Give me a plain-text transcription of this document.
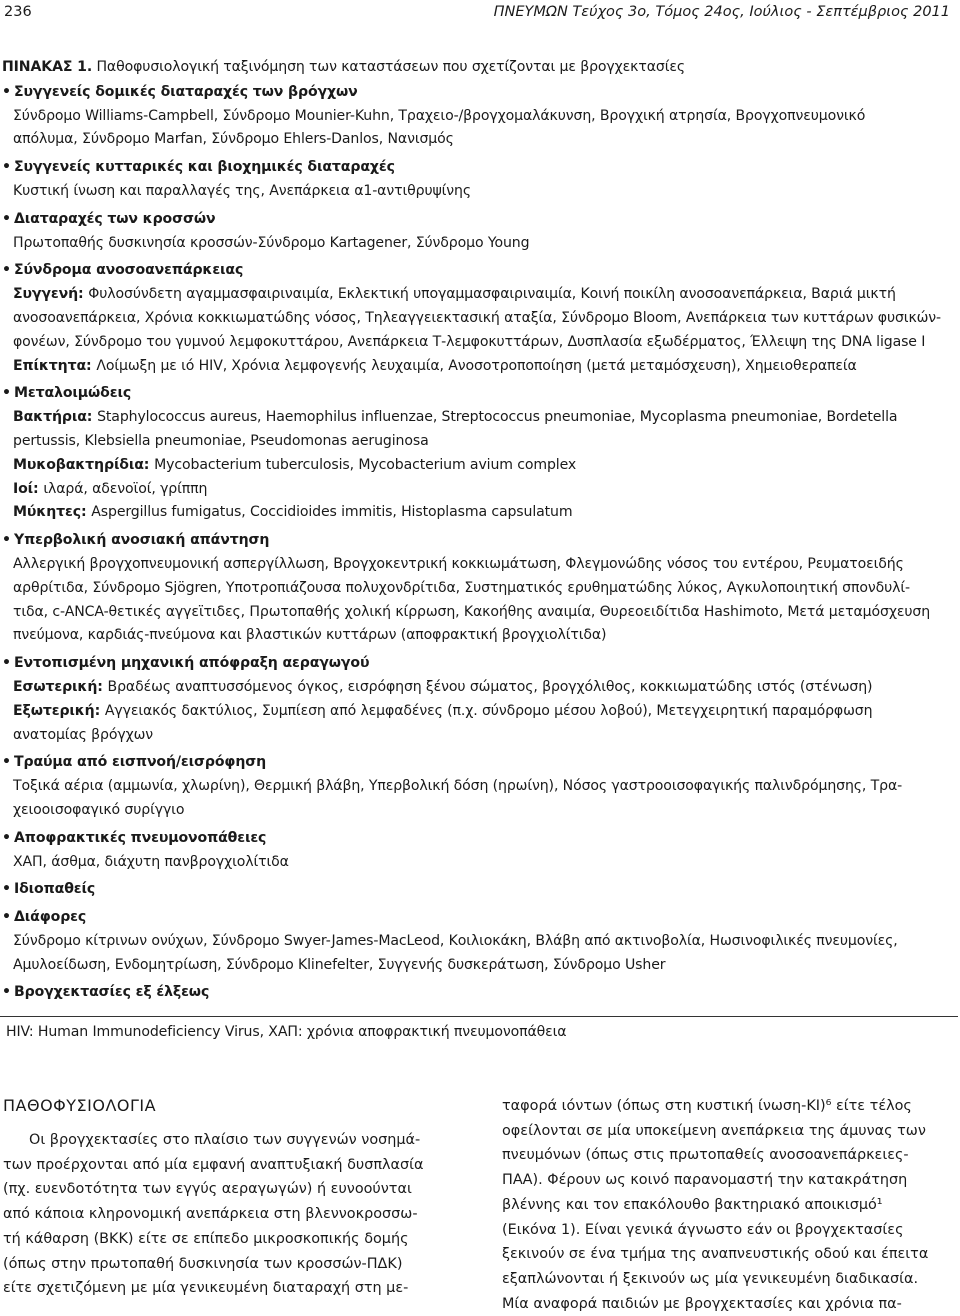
236	ΠΝΕΥΜΩΝ Τεύχος 3ο, Τόμος 24ος, Ιούλιος - Σεπτέμβριος 2011
ΠΙΝΑΚΑΣ 1. Παθοφυσιολογική ταξινόμηση των καταστάσεων που σχετίζονται με βρογχεκτασίες
• Συγγενείς δομικές διαταραχές των βρόγχων
Σύνδρομο Williams-Campbell, Σύνδρομο Mounier-Kuhn, Τραχειο-/βρογχομαλάκυνση, Βρογχική ατρησία, Βρογχοπνευμονικό
απόλυμα, Σύνδρομο Marfan, Σύνδρομο Ehlers-Danlos, Νανισμός
• Συγγενείς κυτταρικές και βιοχημικές διαταραχές
Κυστική ίνωση και παραλλαγές της, Ανεπάρκεια α1-αντιθρυψίνης
• Διαταραχές των κροσσών
Πρωτοπαθής δυσκινησία κροσσών-Σύνδρομο Kartagener, Σύνδρομο Young
• Σύνδρομα ανοσοανεπάρκειας
Συγγενή: Φυλοσύνδετη αγαμμασφαιριναιμία, Εκλεκτική υπογαμμασφαιριναιμία, Κοινή ποικίλη ανοσοανεπάρκεια, Βαριά μικτή
ανοσοανεπάρκεια, Χρόνια κοκκιωματώδης νόσος, Τηλεαγγειεκτασική αταξία, Σύνδρομο Bloom, Ανεπάρκεια των κυττάρων φυσικών-
φονέων, Σύνδρομο του γυμνού λεμφοκυττάρου, Ανεπάρκεια Τ-λεμφοκυττάρων, Δυσπλασία εξωδέρματος, Έλλειψη της DNA ligase I
Επίκτητα: Λοίμωξη με ιό HIV, Χρόνια λεμφογενής λευχαιμία, Ανοσοτροποποίηση (μετά μεταμόσχευση), Χημειοθεραπεία
• Μεταλοιμώδεις
Βακτήρια: Staphylococcus aureus, Haemophilus influenzae, Streptococcus pneumoniae, Mycoplasma pneumoniae, Bordetella
pertussis, Klebsiella pneumoniae, Pseudomonas aeruginosa
Μυκοβακτηρίδια: Mycobacterium tuberculosis, Mycobacterium avium complex
Ιοί: ιλαρά, αδενοϊοί, γρίππη
Μύκητες: Aspergillus fumigatus, Coccidioides immitis, Histoplasma capsulatum
• Υπερβολική ανοσιακή απάντηση
Αλλεργική βρογχοπνευμονική ασπεργίλλωση, Βρογχοκεντρική κοκκιωμάτωση, Φλεγμονώδης νόσος του εντέρου, Ρευματοειδής
αρθρίτιδα, Σύνδρομο Sjögren, Υποτροπιάζουσα πολυχονδρίτιδα, Συστηματικός ερυθηματώδης λύκος, Αγκυλοποιητική σπονδυλί-
τιδα, c-ANCA-θετικές αγγεϊτιδες, Πρωτοπαθής χολική κίρρωση, Κακοήθης αναιμία, Θυρεοειδίτιδα Hashimoto, Μετά μεταμόσχευση
πνεύμονα, καρδιάς-πνεύμονα και βλαστικών κυττάρων (αποφρακτική βρογχιολίτιδα)
• Εντοπισμένη μηχανική απόφραξη αεραγωγού
Εσωτερική: Βραδέως αναπτυσσόμενος όγκος, εισρόφηση ξένου σώματος, βρογχόλιθος, κοκκιωματώδης ιστός (στένωση)
Εξωτερική: Αγγειακός δακτύλιος, Συμπίεση από λεμφαδένες (π.χ. σύνδρομο μέσου λοβού), Μετεγχειρητική παραμόρφωση
ανατομίας βρόγχων
• Τραύμα από εισπνοή/εισρόφηση
Τοξικά αέρια (αμμωνία, χλωρίνη), Θερμική βλάβη, Υπερβολική δόση (ηρωίνη), Νόσος γαστροοισοφαγικής παλινδρόμησης, Τρα-
χειοοισοφαγικό συρίγγιο
• Αποφρακτικές πνευμονοπάθειες
ΧΑΠ, άσθμα, διάχυτη πανβρογχιολίτιδα
• Ιδιοπαθείς
• Διάφορες
Σύνδρομο κίτρινων ονύχων, Σύνδρομο Swyer-James-MacLeod, Κοιλιοκάκη, Βλάβη από ακτινοβολία, Ηωσινοφιλικές πνευμονίες,
Αμυλοείδωση, Ενδομητρίωση, Σύνδρομο Klinefelter, Συγγενής δυσκεράτωση, Σύνδρομο Usher
• Βρογχεκτασίες εξ έλξεως
HIV: Human Immunodeficiency Virus, ΧΑΠ: χρόνια αποφρακτική πνευμονοπάθεια
ΠΑΘΟΦΥΣΙΟΛΟΓΙΑ
Οι βρογχεκτασίες στο πλαίσιο των συγγενών νοσημά-
των προέρχονται από μία εμφανή αναπτυξιακή δυσπλασία
(πχ. ευενδοτότητα των εγγύς αεραγωγών) ή ευνοούνται
από κάποια κληρονομική ανεπάρκεια στη βλεννοκροσσω-
τή κάθαρση (ΒΚΚ) είτε σε επίπεδο μικροσκοπικής δομής
(όπως στην πρωτοπαθή δυσκινησία των κροσσών-ΠΔΚ)
είτε σχετιζόμενη με μία γενικευμένη διαταραχή στη με-
ταφορά ιόντων (όπως στη κυστική ίνωση-ΚΙ)⁶ είτε τέλος
οφείλονται σε μία υποκείμενη ανεπάρκεια της άμυνας των
πνευμόνων (όπως στις πρωτοπαθείς ανοσοανεπάρκειες-
ΠΑΑ). Φέρουν ως κοινό παρανομαστή την κατακράτηση
βλέννης και τον επακόλουθο βακτηριακό αποικισμό¹
(Εικόνα 1). Είναι γενικά άγνωστο εάν οι βρογχεκτασίες
ξεκινούν σε ένα τμήμα της αναπνευστικής οδού και έπειτα
εξαπλώνονται ή ξεκινούν ως μία γενικευμένη διαδικασία.
Μία αναφορά παιδιών με βρογχεκτασίες και χρόνια πα-
